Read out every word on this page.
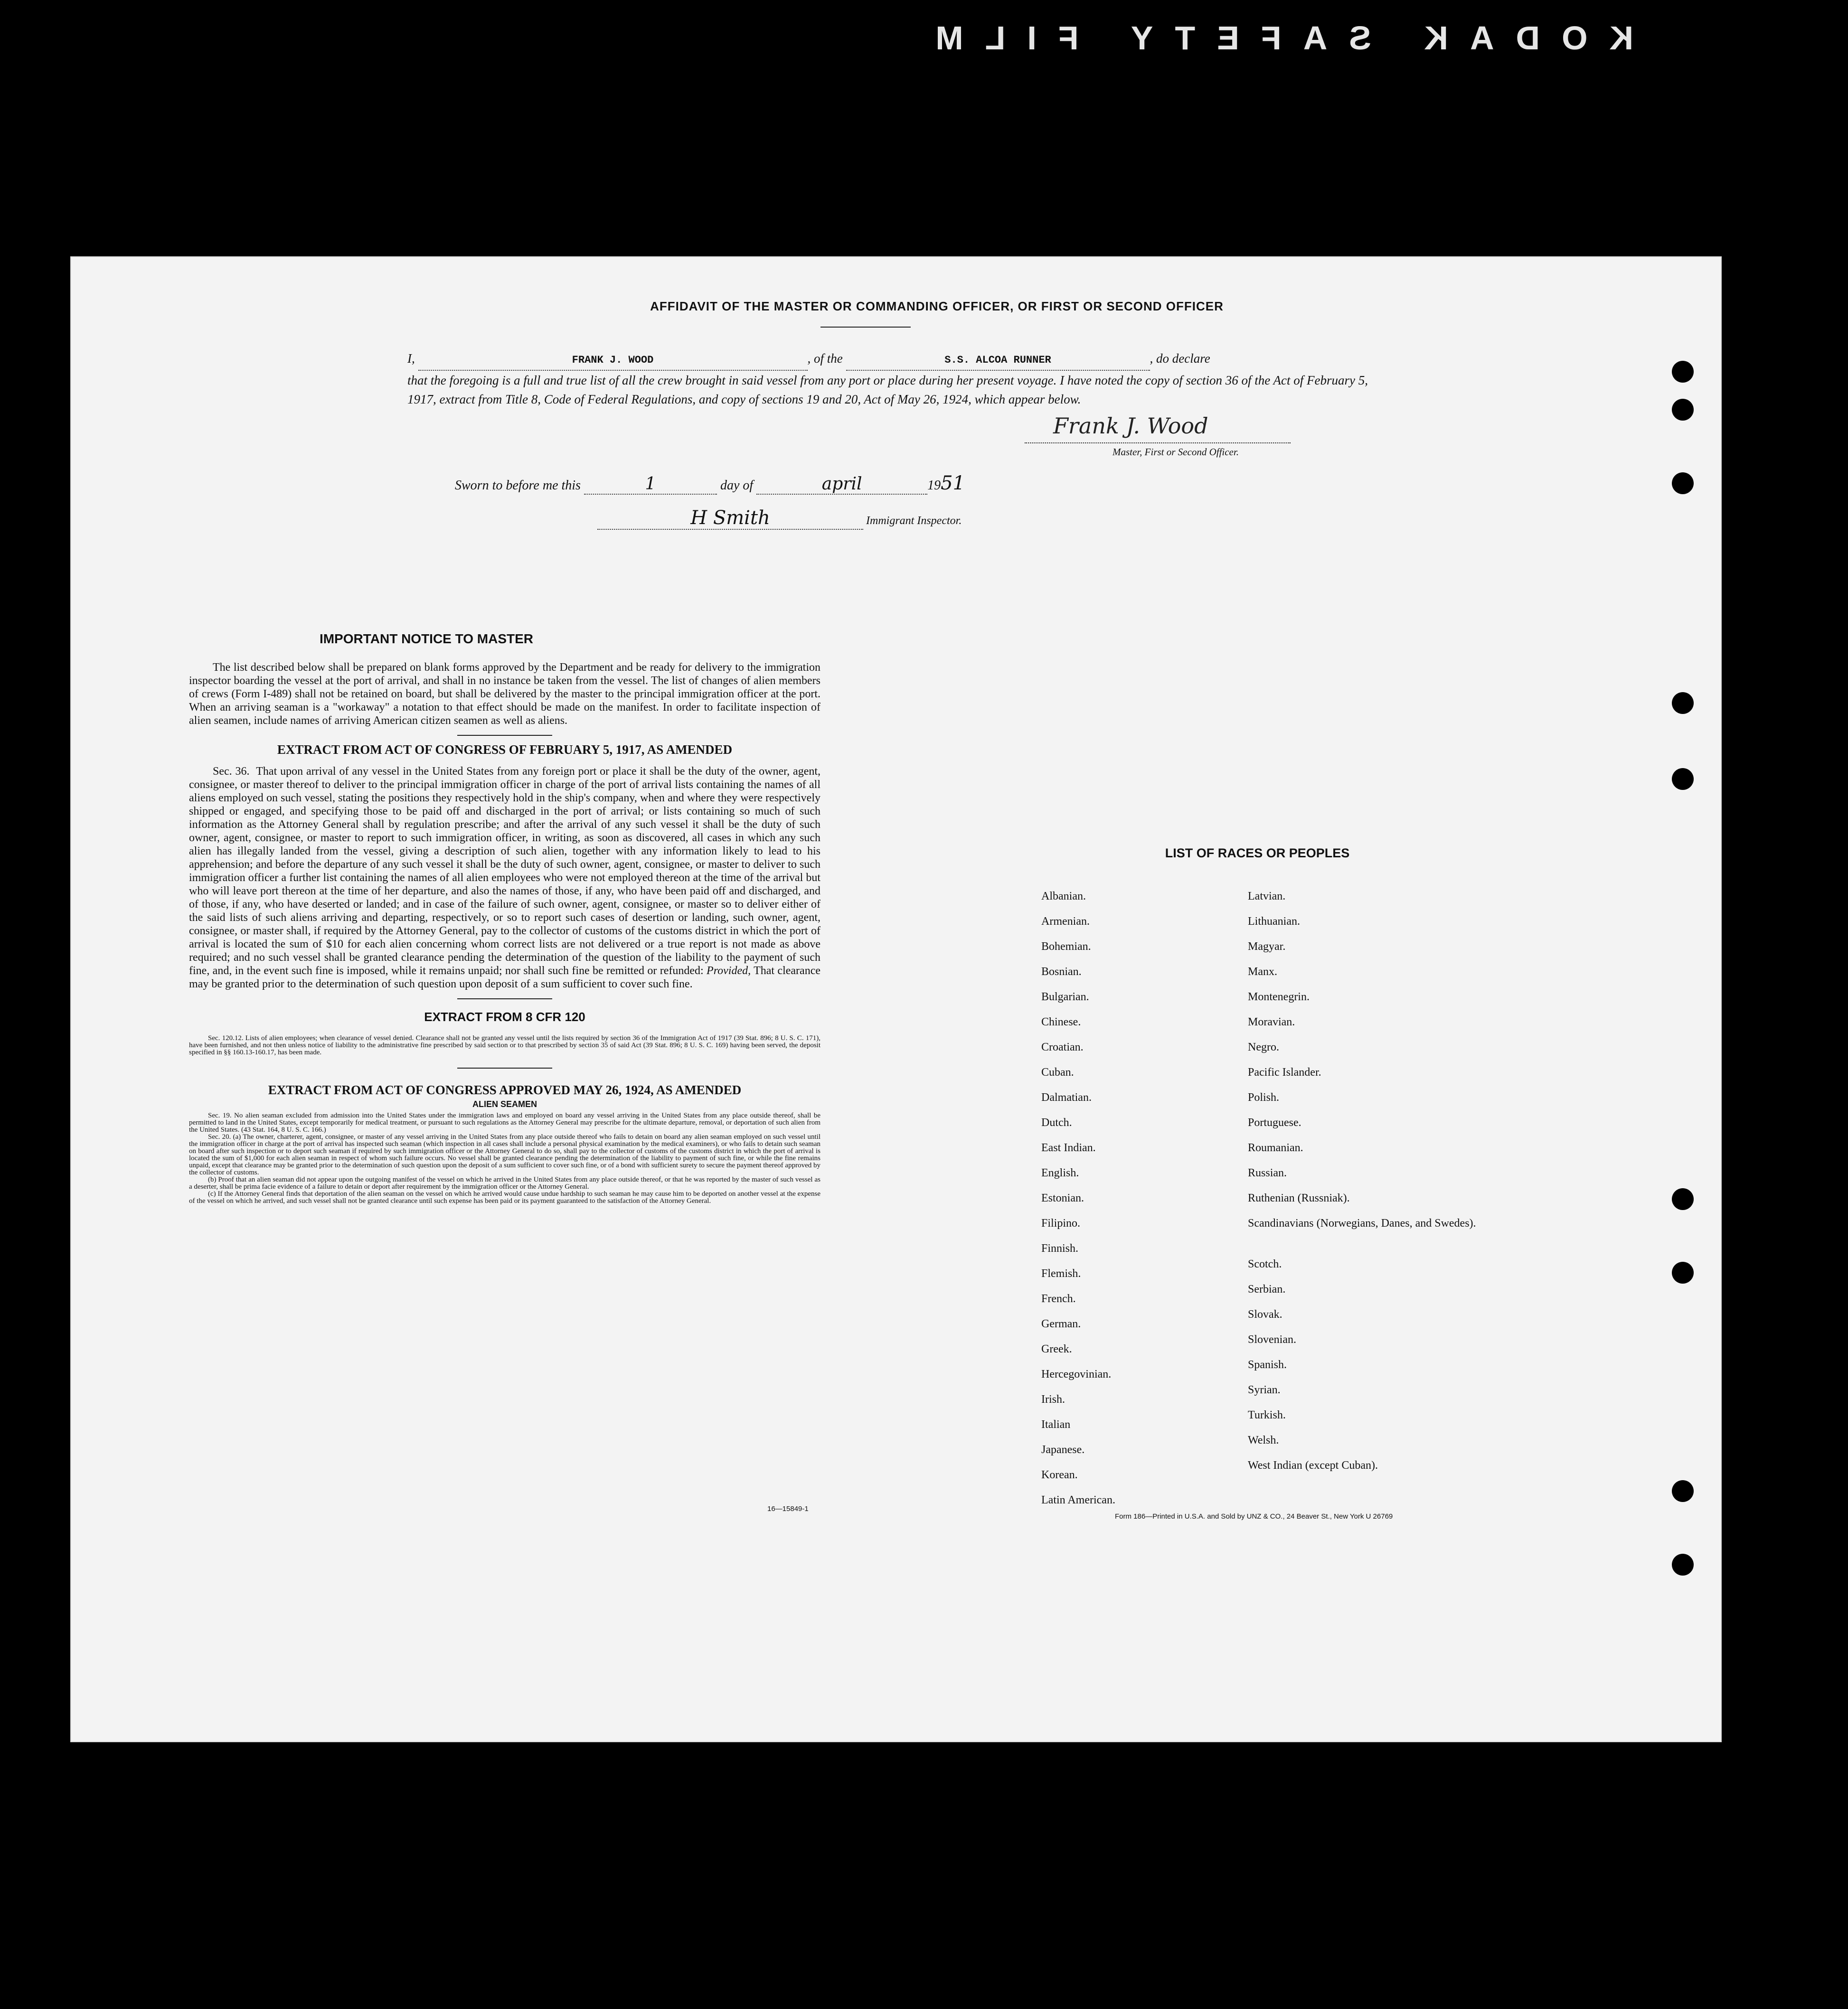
KODAK SAFETY FILM
AFFIDAVIT OF THE MASTER OR COMMANDING OFFICER, OR FIRST OR SECOND OFFICER
I,	FRANK J. WOOD	, of the	S.S. ALCOA RUNNER	, do declare
that the foregoing is a full and true list of all the crew brought in said vessel from any port or place during her present voyage. I have noted the copy of section 36 of the Act of February 5, 1917, extract from Title 8, Code of Federal Regulations, and copy of sections 19 and 20, Act of May 26, 1924, which appear below.
Frank J. Wood
Master, First or Second Officer.
Sworn to before me this	1	day of	april	1951
H Smith	Immigrant Inspector.

IMPORTANT NOTICE TO MASTER

The list described below shall be prepared on blank forms approved by the Department and be ready for delivery to the immigration inspector boarding the vessel at the port of arrival, and shall in no instance be taken from the vessel. The list of changes of alien members of crews (Form I-489) shall not be retained on board, but shall be delivered by the master to the principal immigration officer at the port. When an arriving seaman is a "workaway" a notation to that effect should be made on the manifest. In order to facilitate inspection of alien seamen, include names of arriving American citizen seamen as well as aliens.

EXTRACT FROM ACT OF CONGRESS OF FEBRUARY 5, 1917, AS AMENDED

Sec. 36. That upon arrival of any vessel in the United States from any foreign port or place it shall be the duty of the owner, agent, consignee, or master thereof to deliver to the principal immigration officer in charge of the port of arrival lists containing the names of all aliens employed on such vessel, stating the positions they respectively hold in the ship's company, when and where they were respectively shipped or engaged, and specifying those to be paid off and discharged in the port of arrival; or lists containing so much of such information as the Attorney General shall by regulation prescribe; and after the arrival of any such vessel it shall be the duty of such owner, agent, consignee, or master to report to such immigration officer, in writing, as soon as discovered, all cases in which any such alien has illegally landed from the vessel, giving a description of such alien, together with any information likely to lead to his apprehension; and before the departure of any such vessel it shall be the duty of such owner, agent, consignee, or master to deliver to such immigration officer a further list containing the names of all alien employees who were not employed thereon at the time of the arrival but who will leave port thereon at the time of her departure, and also the names of those, if any, who have been paid off and discharged, and of those, if any, who have deserted or landed; and in case of the failure of such owner, agent, consignee, or master so to deliver either of the said lists of such aliens arriving and departing, respectively, or so to report such cases of desertion or landing, such owner, agent, consignee, or master shall, if required by the Attorney General, pay to the collector of customs of the customs district in which the port of arrival is located the sum of $10 for each alien concerning whom correct lists are not delivered or a true report is not made as above required; and no such vessel shall be granted clearance pending the determination of the question of the liability to the payment of such fine, and, in the event such fine is imposed, while it remains unpaid; nor shall such fine be remitted or refunded: Provided, That clearance may be granted prior to the determination of such question upon deposit of a sum sufficient to cover such fine.

EXTRACT FROM 8 CFR 120

Sec. 120.12. Lists of alien employees; when clearance of vessel denied. Clearance shall not be granted any vessel until the lists required by section 36 of the Immigration Act of 1917 (39 Stat. 896; 8 U. S. C. 171), have been furnished, and not then unless notice of liability to the administrative fine prescribed by said section or to that prescribed by section 35 of said Act (39 Stat. 896; 8 U. S. C. 169) having been served, the deposit specified in §§ 160.13-160.17, has been made.

EXTRACT FROM ACT OF CONGRESS APPROVED MAY 26, 1924, AS AMENDED

ALIEN SEAMEN

Sec. 19. No alien seaman excluded from admission into the United States under the immigration laws and employed on board any vessel arriving in the United States from any place outside thereof, shall be permitted to land in the United States, except temporarily for medical treatment, or pursuant to such regulations as the Attorney General may prescribe for the ultimate departure, removal, or deportation of such alien from the United States. (43 Stat. 164, 8 U. S. C. 166.)

Sec. 20. (a) The owner, charterer, agent, consignee, or master of any vessel arriving in the United States from any place outside thereof who fails to detain on board any alien seaman employed on such vessel until the immigration officer in charge at the port of arrival has inspected such seaman (which inspection in all cases shall include a personal physical examination by the medical examiners), or who fails to detain such seaman on board after such inspection or to deport such seaman if required by such immigration officer or the Attorney General to do so, shall pay to the collector of customs of the customs district in which the port of arrival is located the sum of $1,000 for each alien seaman in respect of whom such failure occurs. No vessel shall be granted clearance pending the determination of the liability to payment of such fine, or while the fine remains unpaid, except that clearance may be granted prior to the determination of such question upon the deposit of a sum sufficient to cover such fine, or of a bond with sufficient surety to secure the payment thereof approved by the collector of customs.

(b) Proof that an alien seaman did not appear upon the outgoing manifest of the vessel on which he arrived in the United States from any place outside thereof, or that he was reported by the master of such vessel as a deserter, shall be prima facie evidence of a failure to detain or deport after requirement by the immigration officer or the Attorney General.

(c) If the Attorney General finds that deportation of the alien seaman on the vessel on which he arrived would cause undue hardship to such seaman he may cause him to be deported on another vessel at the expense of the vessel on which he arrived, and such vessel shall not be granted clearance until such expense has been paid or its payment guaranteed to the satisfaction of the Attorney General.

16—15849-1
LIST OF RACES OR PEOPLES
Albanian.
Armenian.
Bohemian.
Bosnian.
Bulgarian.
Chinese.
Croatian.
Cuban.
Dalmatian.
Dutch.
East Indian.
English.
Estonian.
Filipino.
Finnish.
Flemish.
French.
German.
Greek.
Hercegovinian.
Irish.
Italian
Japanese.
Korean.
Latin American.
Latvian.
Lithuanian.
Magyar.
Manx.
Montenegrin.
Moravian.
Negro.
Pacific Islander.
Polish.
Portuguese.
Roumanian.
Russian.
Ruthenian (Russniak).
Scandinavians (Norwegians, Danes, and Swedes).
Scotch.
Serbian.
Slovak.
Slovenian.
Spanish.
Syrian.
Turkish.
Welsh.
West Indian (except Cuban).
Form 186—Printed in U.S.A. and Sold by UNZ & CO., 24 Beaver St., New York U 26769
